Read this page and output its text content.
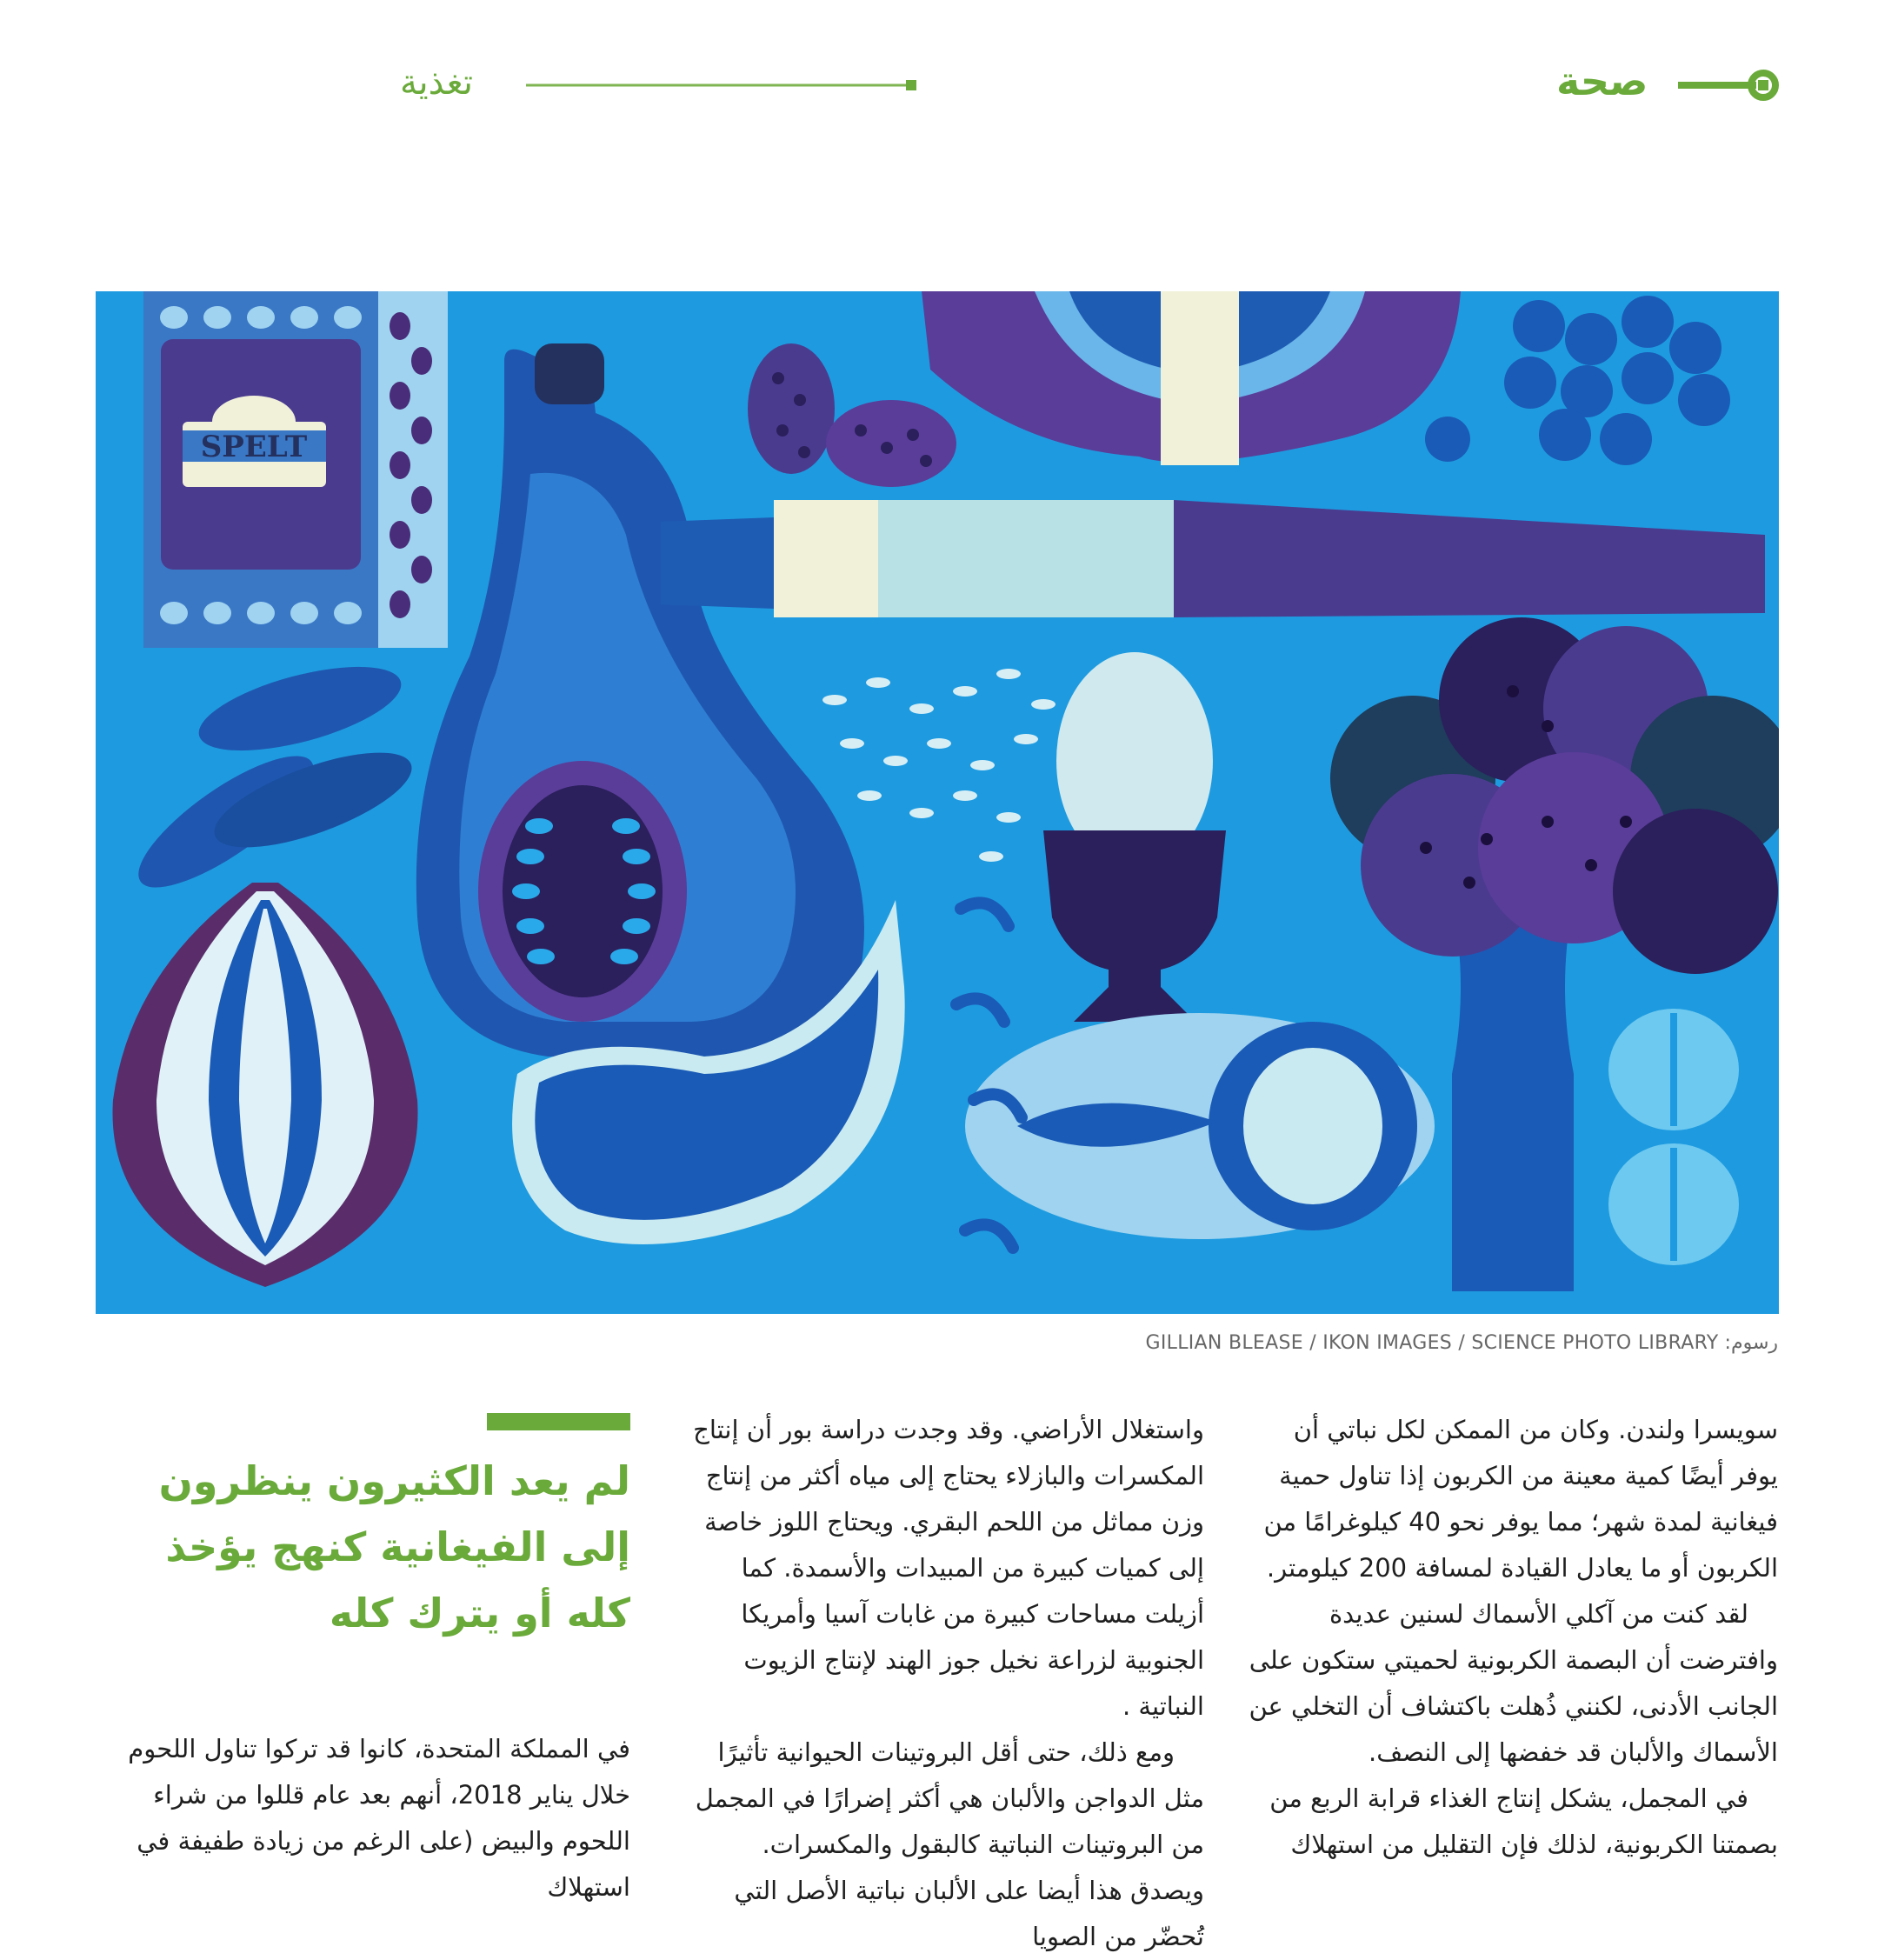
صحة
تغذية
SPELT
رسوم: GILLIAN BLEASE / IKON IMAGES / SCIENCE PHOTO LIBRARY

سويسرا ولندن. وكان من الممكن لكل نباتي أن يوفر أيضًا كمية معينة من الكربون إذا تناول حمية فيغانية لمدة شهر؛ مما يوفر نحو 40 كيلوغرامًا من الكربون أو ما يعادل القيادة لمسافة 200 كيلومتر.

لقد كنت من آكلي الأسماك لسنين عديدة وافترضت أن البصمة الكربونية لحميتي ستكون على الجانب الأدنى، لكنني ذُهلت باكتشاف أن التخلي عن الأسماك والألبان قد خفضها إلى النصف.

في المجمل، يشكل إنتاج الغذاء قرابة الربع من بصمتنا الكربونية، لذلك فإن التقليل من استهلاك

واستغلال الأراضي. وقد وجدت دراسة بور أن إنتاج المكسرات والبازلاء يحتاج إلى مياه أكثر من إنتاج وزن مماثل من اللحم البقري. ويحتاج اللوز خاصة إلى كميات كبيرة من المبيدات والأسمدة. كما أزيلت مساحات كبيرة من غابات آسيا وأمريكا الجنوبية لزراعة نخيل جوز الهند لإنتاج الزيوت النباتية .

ومع ذلك، حتى أقل البروتينات الحيوانية تأثيرًا مثل الدواجن والألبان هي أكثر إضرارًا في المجمل من البروتينات النباتية كالبقول والمكسرات. ويصدق هذا أيضا على الألبان نباتية الأصل التي تُحضّر من الصويا

لم يعد الكثيرون ينظرون إلى الفيغانية كنهج يؤخذ كله أو يترك كله

في المملكة المتحدة، كانوا قد تركوا تناول اللحوم خلال يناير 2018، أنهم بعد عام قللوا من شراء اللحوم والبيض (على الرغم من زيادة طفيفة في استهلاك
